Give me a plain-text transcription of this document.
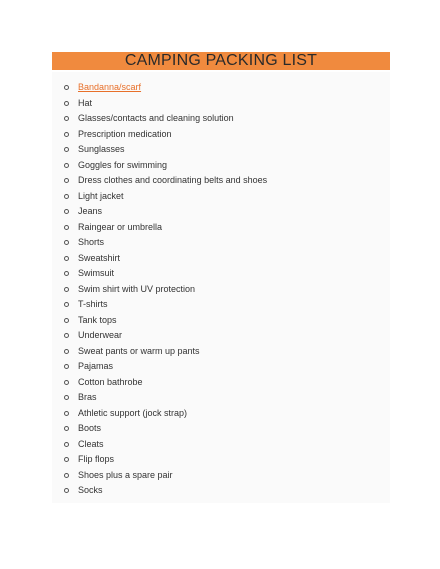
CAMPING PACKING LIST
Bandanna/scarf
Hat
Glasses/contacts and cleaning solution
Prescription medication
Sunglasses
Goggles for swimming
Dress clothes and coordinating belts and shoes
Light jacket
Jeans
Raingear or umbrella
Shorts
Sweatshirt
Swimsuit
Swim shirt with UV protection
T-shirts
Tank tops
Underwear
Sweat pants or warm up pants
Pajamas
Cotton bathrobe
Bras
Athletic support (jock strap)
Boots
Cleats
Flip flops
Shoes plus a spare pair
Socks
